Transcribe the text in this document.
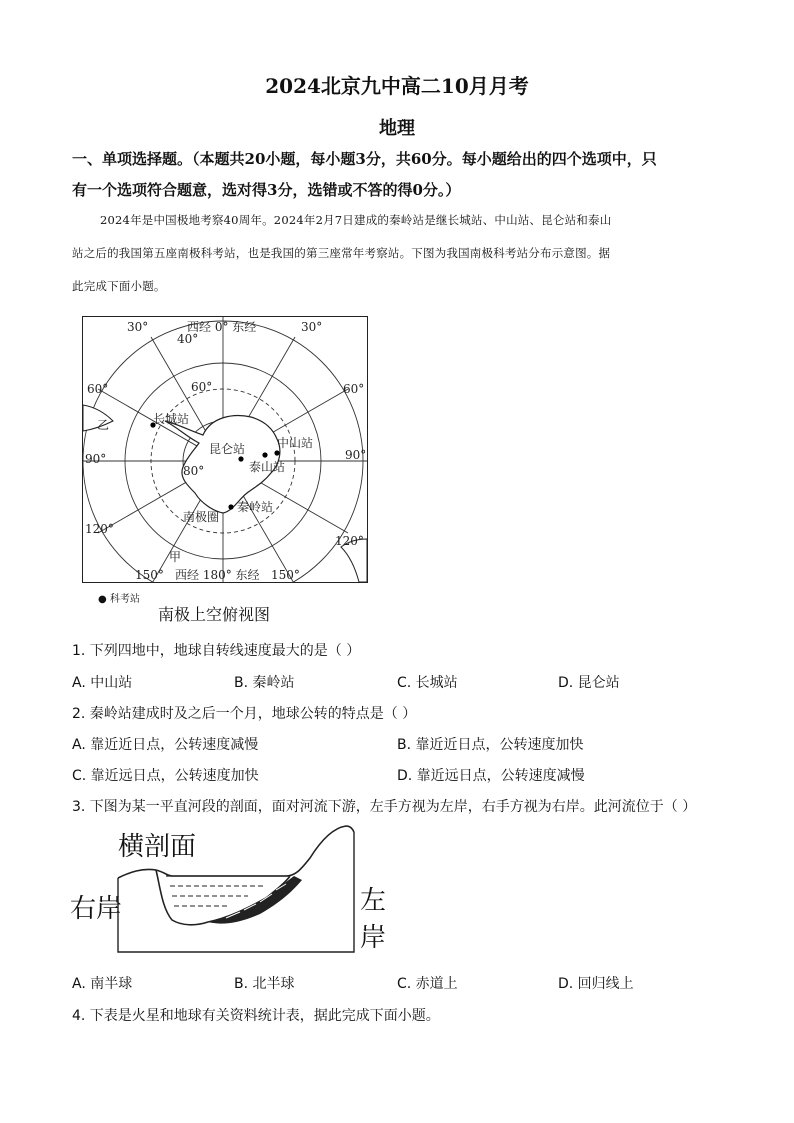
2024北京九中高二10月月考
地理
一、单项选择题。（本题共20小题，每小题3分，共60分。每小题给出的四个选项中，只
有一个选项符合题意，选对得3分，选错或不答的得0分。）
2024年是中国极地考察40周年。2024年2月7日建成的秦岭站是继长城站、中山站、昆仑站和泰山
站之后的我国第五座南极科考站，也是我国的第三座常年考察站。下图为我国南极科考站分布示意图。据
此完成下面小题。
西经 0° 东经
西经 180° 东经
30°	30°
60°	60°
90°	90°
120°
120°
150°	150°
40°
60°
80°
南极圈
乙
甲
长城站
昆仑站	中山站
泰山站
秦岭站
● 科考站
南极上空俯视图
1. 下列四地中，地球自转线速度最大的是（ ）
A. 中山站	B. 秦岭站	C. 长城站	D. 昆仑站
2. 秦岭站建成时及之后一个月，地球公转的特点是（ ）
A. 靠近近日点，公转速度减慢	B. 靠近近日点，公转速度加快
C. 靠近远日点，公转速度加快	D. 靠近远日点，公转速度减慢
3. 下图为某一平直河段的剖面，面对河流下游，左手方视为左岸，右手方视为右岸。此河流位于（ ）
横剖面
右岸	左岸
A. 南半球	B. 北半球	C. 赤道上	D. 回归线上
4. 下表是火星和地球有关资料统计表，据此完成下面小题。
